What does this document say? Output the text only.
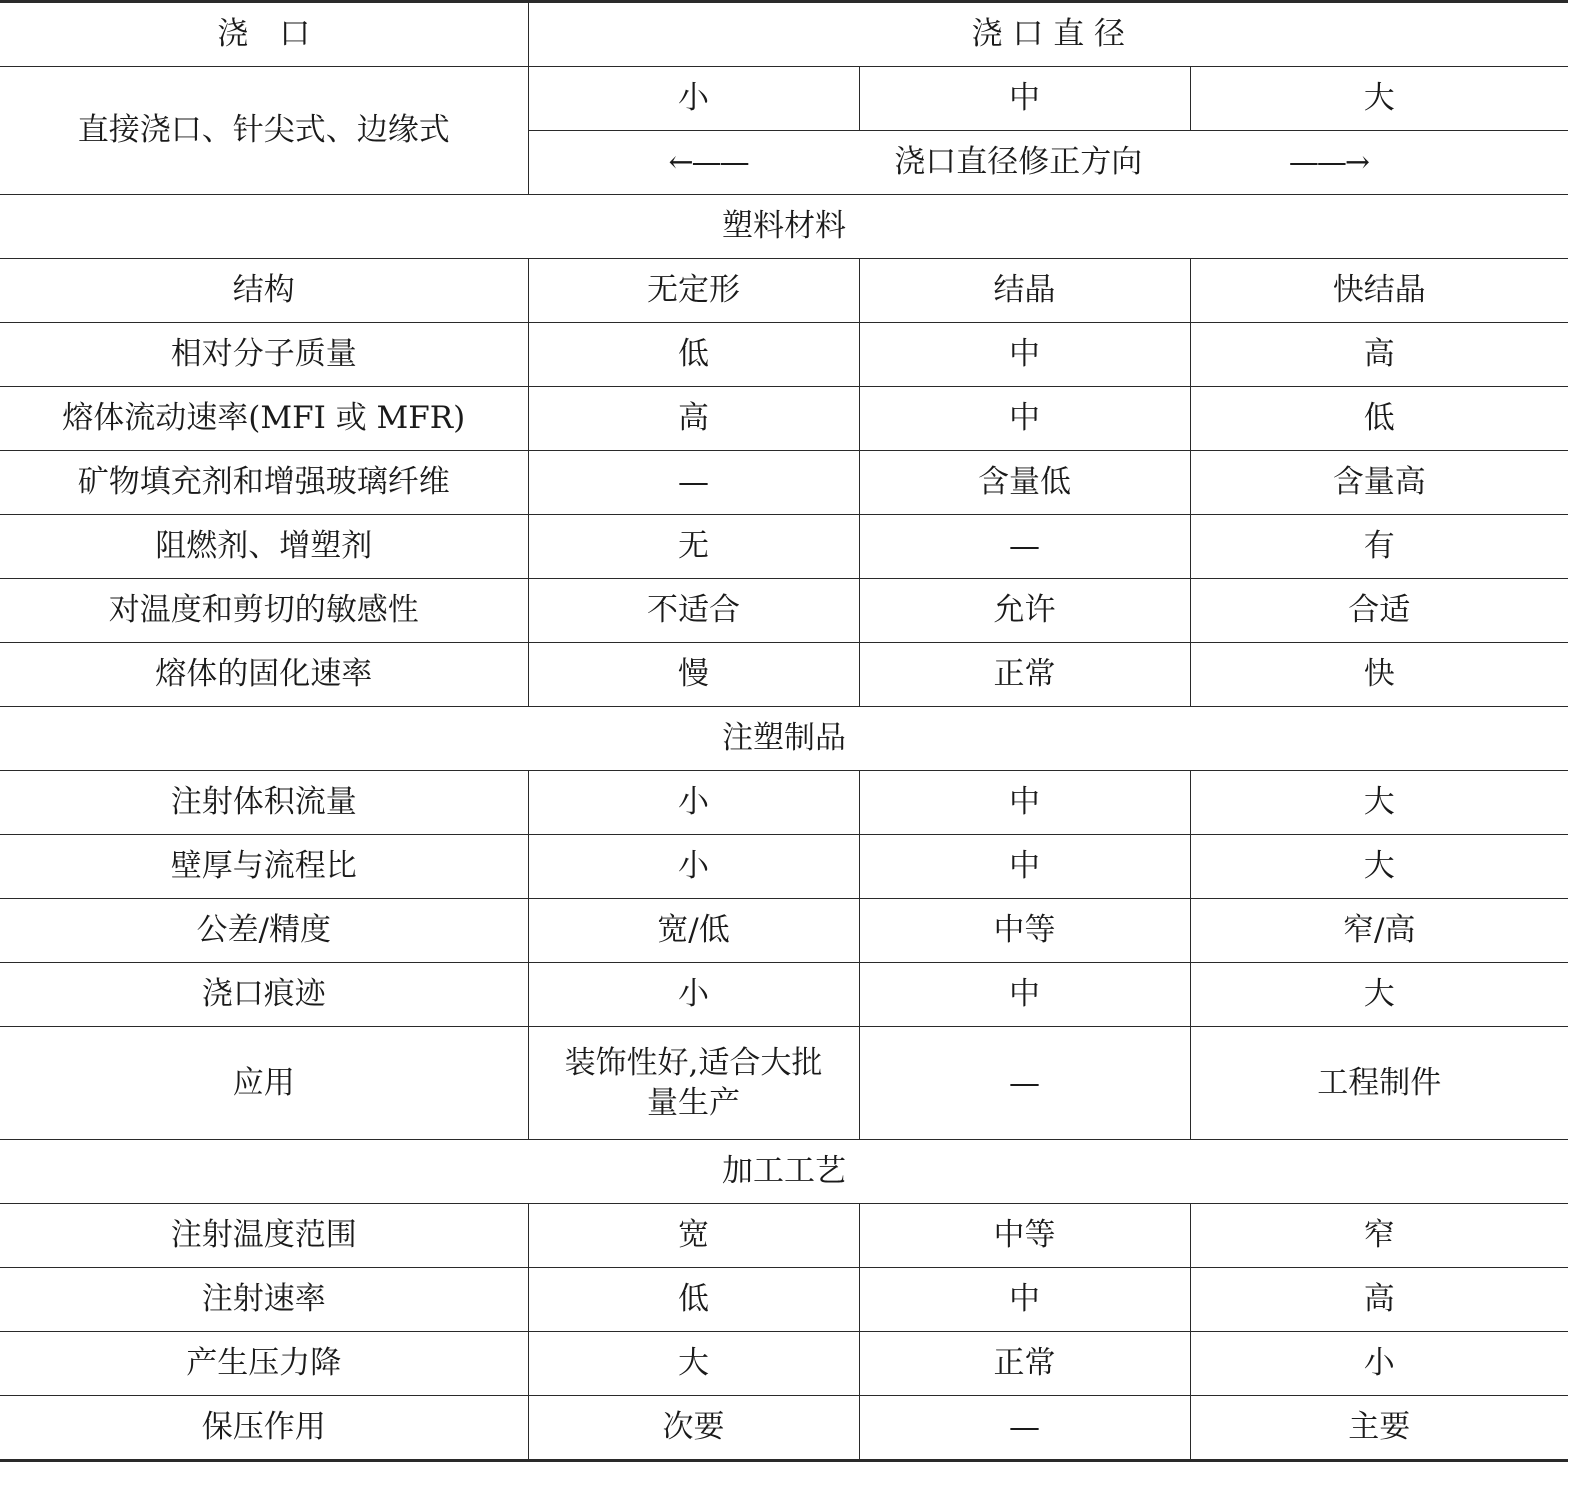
浇　口	浇 口 直 径		
直接浇口、针尖式、边缘式	小	中	大

	←—— 浇口直径修正方向 ——→		

塑料材料			
结构	无定形	结晶	快结晶
相对分子质量	低	中	高
熔体流动速率(MFI 或 MFR)	高	中	低
矿物填充剂和增强玻璃纤维	—	含量低	含量高
阻燃剂、增塑剂	无	—	有
对温度和剪切的敏感性	不适合	允许	合适
熔体的固化速率	慢	正常	快
注塑制品			
注射体积流量	小	中	大
壁厚与流程比	小	中	大
公差/精度	宽/低	中等	窄/高
浇口痕迹	小	中	大
应用	装饰性好,适合大批量生产	—	工程制件
加工工艺			
注射温度范围	宽	中等	窄
注射速率	低	中	高
产生压力降	大	正常	小
保压作用	次要	—	主要
